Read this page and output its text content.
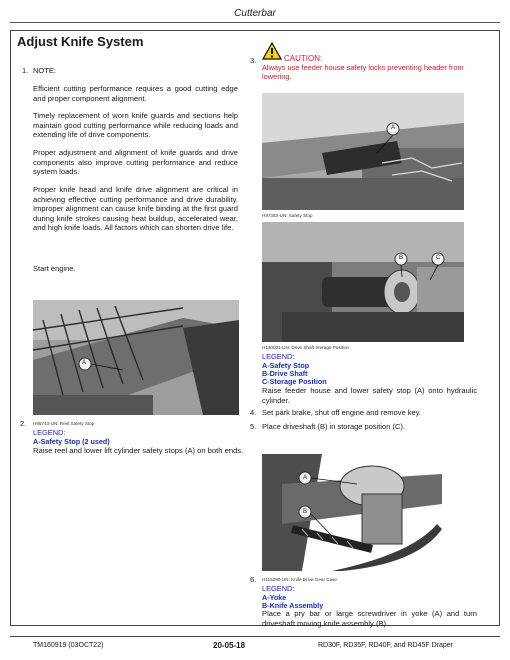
Cutterbar
Adjust Knife System
1. NOTE:
Efficient cutting performance requires a good cutting edge and proper component alignment.
Timely replacement of worn knife guards and sections help maintain good cutting performance while reducing loads and extending life of drive components.
Proper adjustment and alignment of knife guards and drive components also improve cutting performance and reduce system loads.
Proper knife head and knife drive alignment are critical in achieving effective cutting performance and drive durability. Improper alignment can cause knife binding at the first guard during knife strokes causing heat buildup, accelerated wear, and high knife loads. All factors which can shorten drive life.
Start engine.
A
2. H95743-UN: Reel Safety Stop
LEGEND:
A-Safety Stop (2 used)
Raise reel and lower lift cylinder safety stops (A) on both ends.
3.	CAUTION:
Always use feeder house safety locks preventing header from lowering.
A
H97383-UN: Safety Stop
B	C
H130031-UN: Drive Shaft Storage Position
LEGEND:
A-Safety Stop
B-Drive Shaft
C-Storage Position
Raise feeder house and lower safety stop (A) onto hydraulic cylinder.
4. Set park brake, shut off engine and remove key.
5. Place driveshaft (B) in storage position (C).
A
B
6. H115280-UN: Knife Drive Gear Case
LEGEND:
A-Yoke
B-Knife Assembly
Place a pry bar or large screwdriver in yoke (A) and turn driveshaft moving knife assembly (B).
TM160919 (03OCT22)	20-05-18	RD30F, RD35F, RD40F, and RD45F Draper
